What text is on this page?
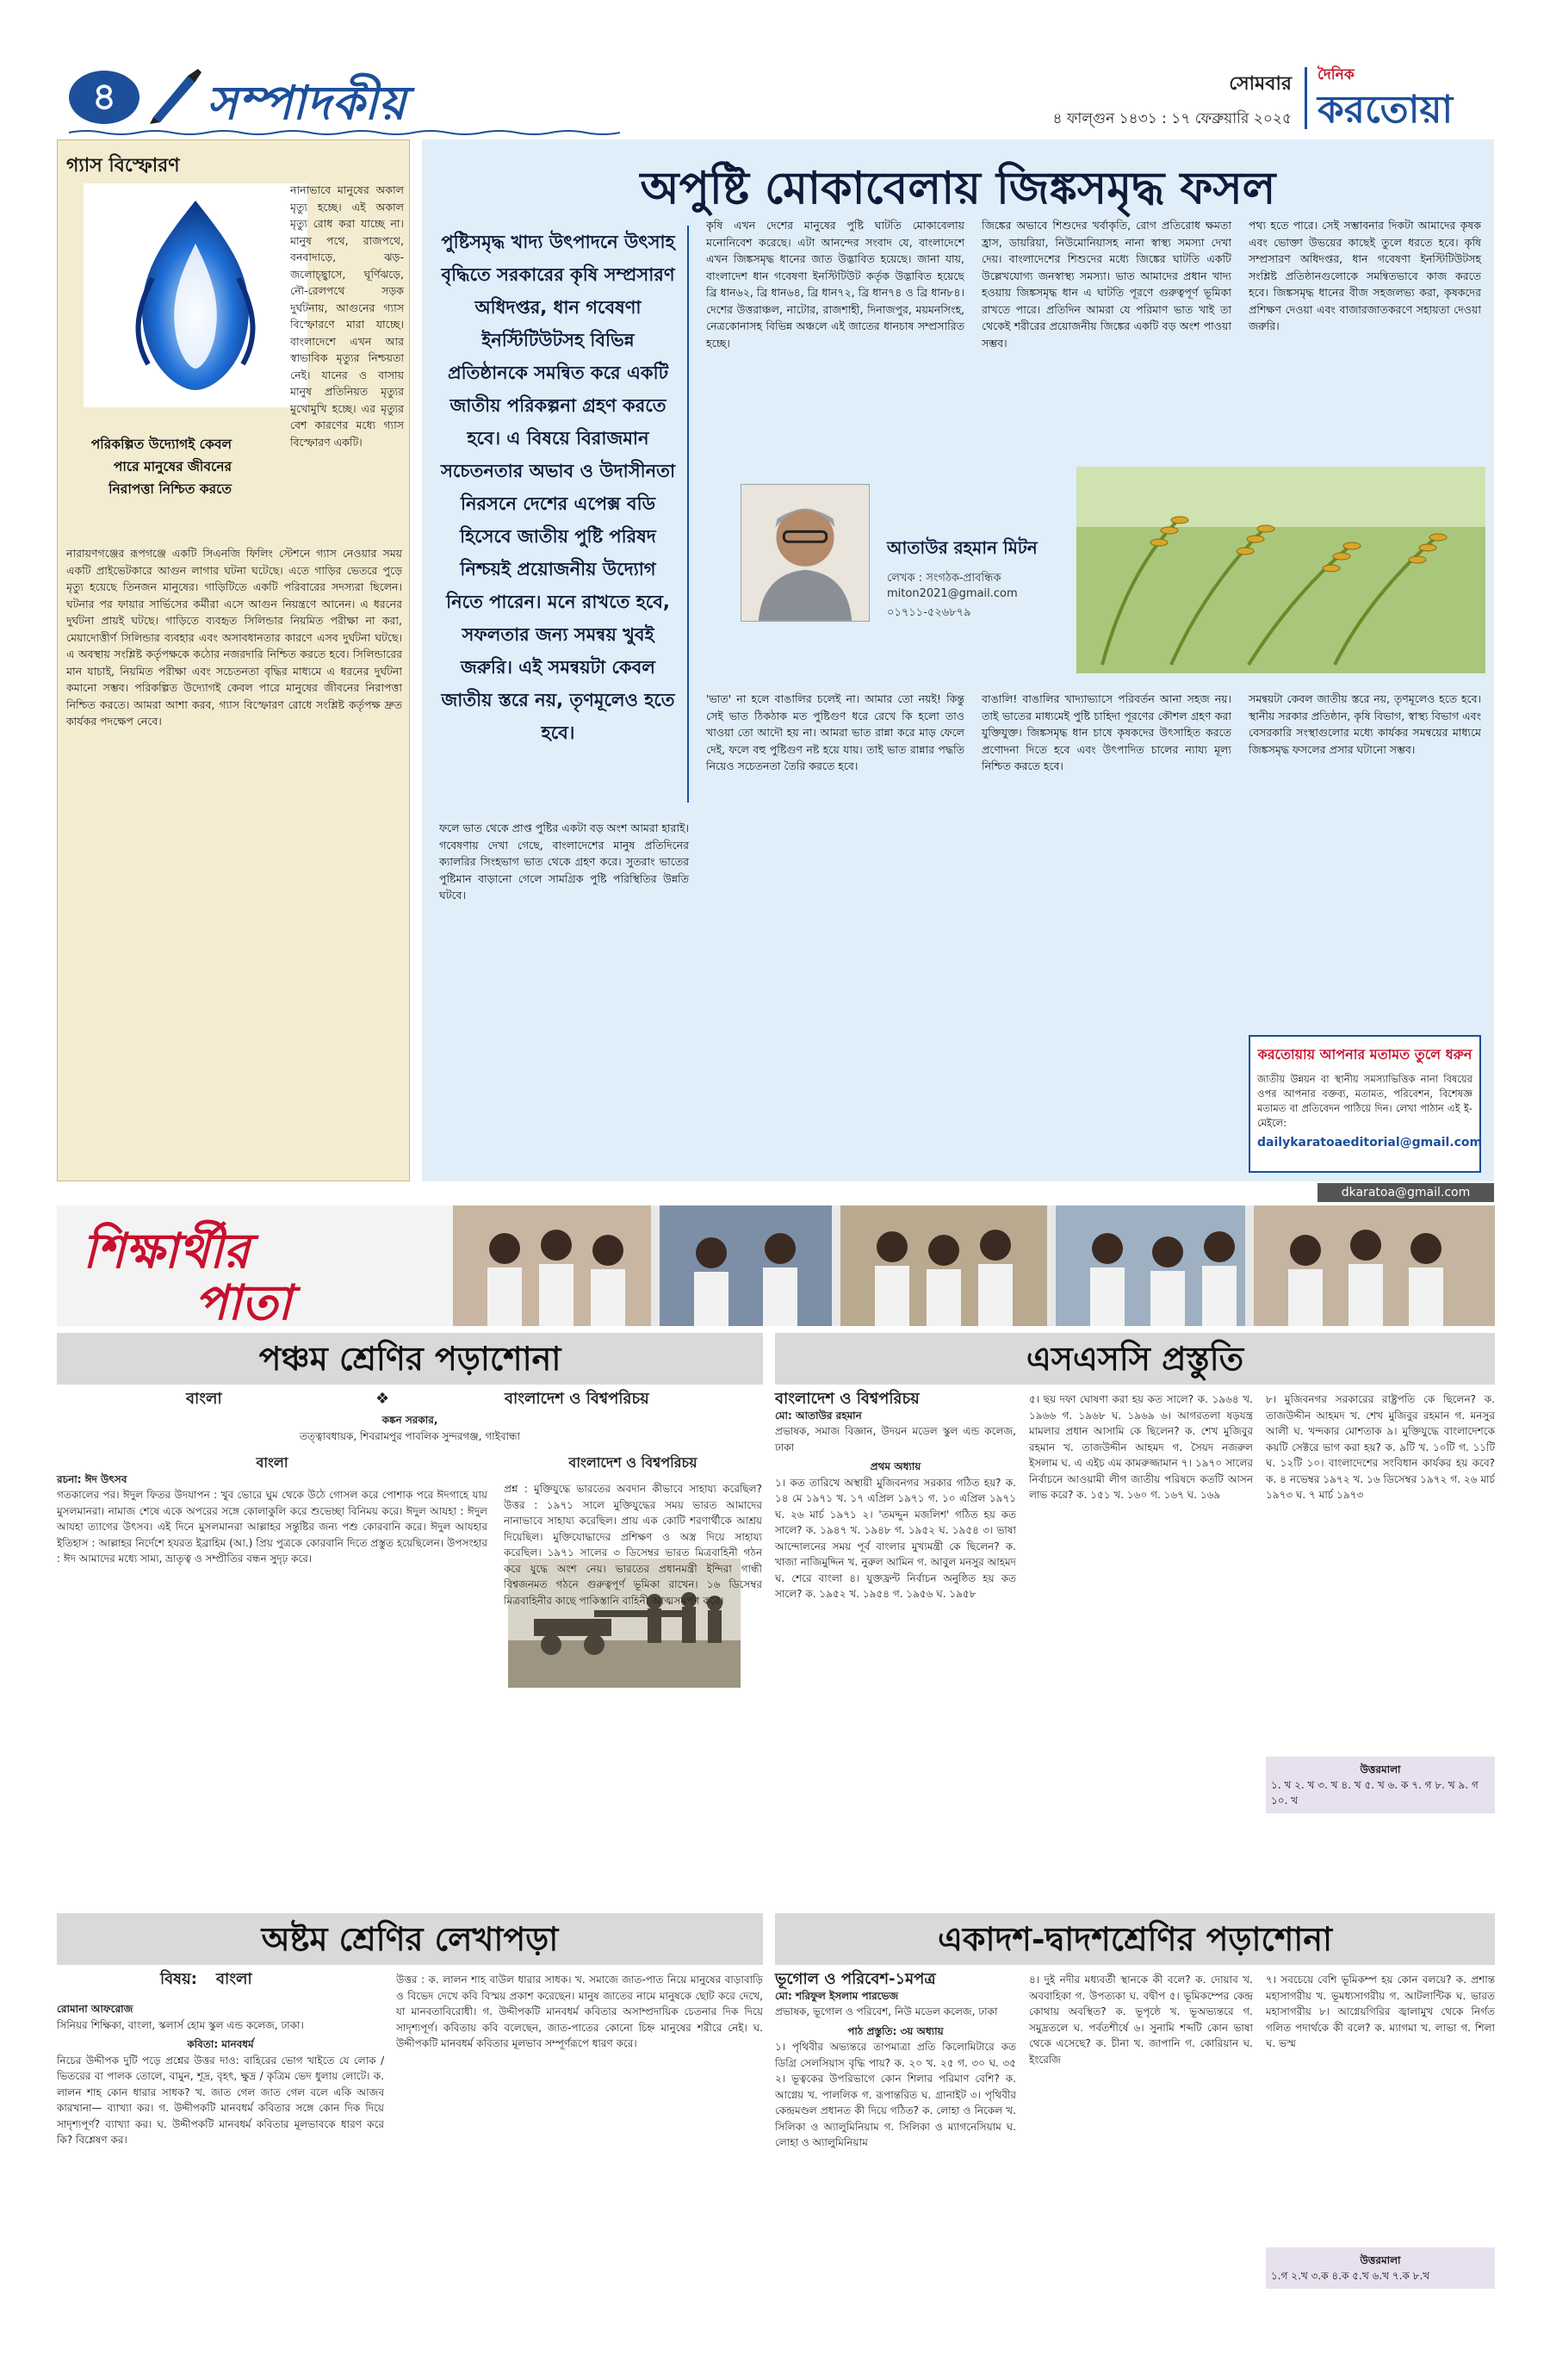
৪	সম্পাদকীয়	সোমবার
৪ ফাল্গুন ১৪৩১ : ১৭ ফেব্রুয়ারি ২০২৫
দৈনিক
করতোয়া
গ্যাস বিস্ফোরণ
নানাভাবে মানুষের অকাল মৃত্যু হচ্ছে। এই অকাল মৃত্যু রোধ করা যাচ্ছে না। মানুষ পথে, রাজপথে, বনবাদাড়ে, ঝড়-জলোচ্ছ্বাসে, ঘূর্ণিঝড়ে, নৌ-রেলপথে সড়ক দুর্ঘটনায়, আগুনের গ্যাস বিস্ফোরণে মারা যাচ্ছে। বাংলাদেশে এখন আর স্বাভাবিক মৃত্যুর নিশ্চয়তা নেই। যানের ও বাসায় মানুষ প্রতিনিয়ত মৃত্যুর মুখোমুখি হচ্ছে। এর মৃত্যুর বেশ কারণের মধ্যে গ্যাস বিস্ফোরণ একটি।
পরিকল্পিত উদ্যোগই কেবল পারে মানুষের জীবনের নিরাপত্তা নিশ্চিত করতে
নারায়ণগঞ্জের রূপগঞ্জে একটি সিএনজি ফিলিং স্টেশনে গ্যাস নেওয়ার সময় একটি প্রাইভেটকারে আগুন লাগার ঘটনা ঘটেছে। এতে গাড়ির ভেতরে পুড়ে মৃত্যু হয়েছে তিনজন মানুষের। গাড়িটিতে একটি পরিবারের সদস্যরা ছিলেন। ঘটনার পর ফায়ার সার্ভিসের কর্মীরা এসে আগুন নিয়ন্ত্রণে আনেন। এ ধরনের দুর্ঘটনা প্রায়ই ঘটছে। গাড়িতে ব্যবহৃত সিলিন্ডার নিয়মিত পরীক্ষা না করা, মেয়াদোত্তীর্ণ সিলিন্ডার ব্যবহার এবং অসাবধানতার কারণে এসব দুর্ঘটনা ঘটছে। এ অবস্থায় সংশ্লিষ্ট কর্তৃপক্ষকে কঠোর নজরদারি নিশ্চিত করতে হবে। সিলিন্ডারের মান যাচাই, নিয়মিত পরীক্ষা এবং সচেতনতা বৃদ্ধির মাধ্যমে এ ধরনের দুর্ঘটনা কমানো সম্ভব। পরিকল্পিত উদ্যোগই কেবল পারে মানুষের জীবনের নিরাপত্তা নিশ্চিত করতে। আমরা আশা করব, গ্যাস বিস্ফোরণ রোধে সংশ্লিষ্ট কর্তৃপক্ষ দ্রুত কার্যকর পদক্ষেপ নেবে।
অপুষ্টি মোকাবেলায় জিঙ্কসমৃদ্ধ ফসল
পুষ্টিসমৃদ্ধ খাদ্য উৎপাদনে উৎসাহ বৃদ্ধিতে সরকারের কৃষি সম্প্রসারণ অধিদপ্তর, ধান গবেষণা ইনস্টিটিউটসহ বিভিন্ন প্রতিষ্ঠানকে সমন্বিত করে একটি জাতীয় পরিকল্পনা গ্রহণ করতে হবে। এ বিষয়ে বিরাজমান সচেতনতার অভাব ও উদাসীনতা নিরসনে দেশের এপেক্স বডি হিসেবে জাতীয় পুষ্টি পরিষদ নিশ্চয়ই প্রয়োজনীয় উদ্যোগ নিতে পারেন। মনে রাখতে হবে, সফলতার জন্য সমন্বয় খুবই জরুরি। এই সমন্বয়টা কেবল জাতীয় স্তরে নয়, তৃণমূলেও হতে হবে।
কৃষি এখন দেশের মানুষের পুষ্টি ঘাটতি মোকাবেলায় মনোনিবেশ করেছে। এটা আনন্দের সংবাদ যে, বাংলাদেশে এখন জিঙ্কসমৃদ্ধ ধানের জাত উদ্ভাবিত হয়েছে। জানা যায়, বাংলাদেশ ধান গবেষণা ইনস্টিটিউট কর্তৃক উদ্ভাবিত হয়েছে ব্রি ধান৬২, ব্রি ধান৬৪, ব্রি ধান৭২, ব্রি ধান৭৪ ও ব্রি ধান৮৪। দেশের উত্তরাঞ্চল, নাটোর, রাজশাহী, দিনাজপুর, ময়মনসিংহ, নেত্রকোনাসহ বিভিন্ন অঞ্চলে এই জাতের ধানচাষ সম্প্রসারিত হচ্ছে।
জিঙ্কের অভাবে শিশুদের খর্বাকৃতি, রোগ প্রতিরোধ ক্ষমতা হ্রাস, ডায়রিয়া, নিউমোনিয়াসহ নানা স্বাস্থ্য সমস্যা দেখা দেয়। বাংলাদেশের শিশুদের মধ্যে জিঙ্কের ঘাটতি একটি উল্লেখযোগ্য জনস্বাস্থ্য সমস্যা। ভাত আমাদের প্রধান খাদ্য হওয়ায় জিঙ্কসমৃদ্ধ ধান এ ঘাটতি পূরণে গুরুত্বপূর্ণ ভূমিকা রাখতে পারে। প্রতিদিন আমরা যে পরিমাণ ভাত খাই তা থেকেই শরীরের প্রয়োজনীয় জিঙ্কের একটি বড় অংশ পাওয়া সম্ভব।
পথ্য হতে পারে। সেই সম্ভাবনার দিকটা আমাদের কৃষক এবং ভোক্তা উভয়ের কাছেই তুলে ধরতে হবে। কৃষি সম্প্রসারণ অধিদপ্তর, ধান গবেষণা ইনস্টিটিউটসহ সংশ্লিষ্ট প্রতিষ্ঠানগুলোকে সমন্বিতভাবে কাজ করতে হবে। জিঙ্কসমৃদ্ধ ধানের বীজ সহজলভ্য করা, কৃষকদের প্রশিক্ষণ দেওয়া এবং বাজারজাতকরণে সহায়তা দেওয়া জরুরি।
আতাউর রহমান মিটন
লেখক : সংগঠক-প্রাবন্ধিক
miton2021@gmail.com
০১৭১১-৫২৬৮৭৯
ফলে ভাত থেকে প্রাপ্ত পুষ্টির একটা বড় অংশ আমরা হারাই। গবেষণায় দেখা গেছে, বাংলাদেশের মানুষ প্রতিদিনের ক্যালরির সিংহভাগ ভাত থেকে গ্রহণ করে। সুতরাং ভাতের পুষ্টিমান বাড়ানো গেলে সামগ্রিক পুষ্টি পরিস্থিতির উন্নতি ঘটবে।
'ভাত' না হলে বাঙালির চলেই না। আমার তো নয়ই! কিন্তু সেই ভাত ঠিকঠাক মত পুষ্টিগুণ ধরে রেখে কি হলো তাও খাওয়া তো আদৌ হয় না। আমরা ভাত রান্না করে মাড় ফেলে দেই, ফলে বহু পুষ্টিগুণ নষ্ট হয়ে যায়। তাই ভাত রান্নার পদ্ধতি নিয়েও সচেতনতা তৈরি করতে হবে।
বাঙালি! বাঙালির খাদ্যাভ্যাসে পরিবর্তন আনা সহজ নয়। তাই ভাতের মাধ্যমেই পুষ্টি চাহিদা পূরণের কৌশল গ্রহণ করা যুক্তিযুক্ত। জিঙ্কসমৃদ্ধ ধান চাষে কৃষকদের উৎসাহিত করতে প্রণোদনা দিতে হবে এবং উৎপাদিত চালের ন্যায্য মূল্য নিশ্চিত করতে হবে।
সমন্বয়টা কেবল জাতীয় স্তরে নয়, তৃণমূলেও হতে হবে। স্থানীয় সরকার প্রতিষ্ঠান, কৃষি বিভাগ, স্বাস্থ্য বিভাগ এবং বেসরকারি সংস্থাগুলোর মধ্যে কার্যকর সমন্বয়ের মাধ্যমে জিঙ্কসমৃদ্ধ ফসলের প্রসার ঘটানো সম্ভব।
করতোয়ায় আপনার মতামত তুলে ধরুন
জাতীয় উন্নয়ন বা স্থানীয় সমস্যাভিত্তিক নানা বিষয়ের ওপর আপনার বক্তব্য, মতামত, পরিবেশন, বিশেষজ্ঞ মতামত বা প্রতিবেদন পাঠিয়ে দিন। লেখা পাঠান এই ই-মেইলে:
dailykaratoaeditorial@gmail.com
dkaratoa@gmail.com
শিক্ষার্থীর
পাতা
পঞ্চম শ্রেণির পড়াশোনা
বাংলা	❖	বাংলাদেশ ও বিশ্বপরিচয়
কঙ্কন সরকার,
তত্ত্বাবধায়ক, শিবরামপুর পাবলিক সুন্দরগঞ্জ, গাইবান্ধা
বাংলা
রচনা: ঈদ উৎসব
গতকালের পর। ঈদুল ফিতর উদযাপন : খুব ভোরে ঘুম থেকে উঠে গোসল করে পোশাক পরে ঈদগাহে যায় মুসলমানরা। নামাজ শেষে একে অপরের সঙ্গে কোলাকুলি করে শুভেচ্ছা বিনিময় করে। ঈদুল আযহা : ঈদুল আযহা ত্যাগের উৎসব। এই দিনে মুসলমানরা আল্লাহর সন্তুষ্টির জন্য পশু কোরবানি করে। ঈদুল আযহার ইতিহাস : আল্লাহর নির্দেশে হযরত ইব্রাহিম (আ.) প্রিয় পুত্রকে কোরবানি দিতে প্রস্তুত হয়েছিলেন। উপসংহার : ঈদ আমাদের মধ্যে সাম্য, ভ্রাতৃত্ব ও সম্প্রীতির বন্ধন সুদৃঢ় করে।
বাংলাদেশ ও বিশ্বপরিচয়
প্রশ্ন : মুক্তিযুদ্ধে ভারতের অবদান কীভাবে সাহায্য করেছিল? উত্তর : ১৯৭১ সালে মুক্তিযুদ্ধের সময় ভারত আমাদের নানাভাবে সাহায্য করেছিল। প্রায় এক কোটি শরণার্থীকে আশ্রয় দিয়েছিল। মুক্তিযোদ্ধাদের প্রশিক্ষণ ও অস্ত্র দিয়ে সাহায্য করেছিল। ১৯৭১ সালের ৩ ডিসেম্বর ভারত মিত্রবাহিনী গঠন করে যুদ্ধে অংশ নেয়। ভারতের প্রধানমন্ত্রী ইন্দিরা গান্ধী বিশ্বজনমত গঠনে গুরুত্বপূর্ণ ভূমিকা রাখেন। ১৬ ডিসেম্বর মিত্রবাহিনীর কাছে পাকিস্তানি বাহিনী আত্মসমর্পণ করে।
এসএসসি প্রস্তুতি
বাংলাদেশ ও বিশ্বপরিচয়
মো: আতাউর রহমান
প্রভাষক, সমাজ বিজ্ঞান, উদয়ন মডেল স্কুল এন্ড কলেজ, ঢাকা
প্রথম অধ্যায়
১। কত তারিখে অস্থায়ী মুজিবনগর সরকার গঠিত হয়? ক. ১৪ মে ১৯৭১ খ. ১৭ এপ্রিল ১৯৭১ গ. ১০ এপ্রিল ১৯৭১ ঘ. ২৬ মার্চ ১৯৭১ ২। 'তমদ্দুন মজলিশ' গঠিত হয় কত সালে? ক. ১৯৪৭ খ. ১৯৪৮ গ. ১৯৫২ ঘ. ১৯৫৪ ৩। ভাষা আন্দোলনের সময় পূর্ব বাংলার মুখ্যমন্ত্রী কে ছিলেন? ক. খাজা নাজিমুদ্দিন খ. নুরুল আমিন গ. আবুল মনসুর আহমদ ঘ. শেরে বাংলা ৪। যুক্তফ্রন্ট নির্বাচন অনুষ্ঠিত হয় কত সালে? ক. ১৯৫২ খ. ১৯৫৪ গ. ১৯৫৬ ঘ. ১৯৫৮
৫। ছয় দফা ঘোষণা করা হয় কত সালে? ক. ১৯৬৪ খ. ১৯৬৬ গ. ১৯৬৮ ঘ. ১৯৬৯ ৬। আগরতলা ষড়যন্ত্র মামলার প্রধান আসামি কে ছিলেন? ক. শেখ মুজিবুর রহমান খ. তাজউদ্দীন আহমদ গ. সৈয়দ নজরুল ইসলাম ঘ. এ এইচ এম কামরুজ্জামান ৭। ১৯৭০ সালের নির্বাচনে আওয়ামী লীগ জাতীয় পরিষদে কতটি আসন লাভ করে? ক. ১৫১ খ. ১৬০ গ. ১৬৭ ঘ. ১৬৯
৮। মুজিবনগর সরকারের রাষ্ট্রপতি কে ছিলেন? ক. তাজউদ্দীন আহমদ খ. শেখ মুজিবুর রহমান গ. মনসুর আলী ঘ. খন্দকার মোশতাক ৯। মুক্তিযুদ্ধে বাংলাদেশকে কয়টি সেক্টরে ভাগ করা হয়? ক. ৯টি খ. ১০টি গ. ১১টি ঘ. ১২টি ১০। বাংলাদেশের সংবিধান কার্যকর হয় কবে? ক. ৪ নভেম্বর ১৯৭২ খ. ১৬ ডিসেম্বর ১৯৭২ গ. ২৬ মার্চ ১৯৭৩ ঘ. ৭ মার্চ ১৯৭৩
উত্তরমালা
১. খ ২. খ ৩. খ ৪. খ ৫. খ ৬. ক ৭. গ ৮. খ ৯. গ ১০. খ
অষ্টম শ্রেণির লেখাপড়া
বিষয়: বাংলা
রোমানা আফরোজ
সিনিয়র শিক্ষিকা, বাংলা, স্কলার্স হোম স্কুল এন্ড কলেজ, ঢাকা।
কবিতা: মানবধর্ম
নিচের উদ্দীপক দুটি পড়ে প্রশ্নের উত্তর দাও: বাহিরের ভোগ খাইতে যে লোক / ভিতরের বা পালক তোলে, বামুন, শূদ্র, বৃহৎ, ক্ষুদ্র / কৃত্রিম ভেদ ধুলায় লোটে। ক. লালন শাহ কোন ধারার সাধক? খ. জাত গেল জাত গেল বলে একি আজব কারখানা— ব্যাখ্যা কর। গ. উদ্দীপকটি মানবধর্ম কবিতার সঙ্গে কোন দিক দিয়ে সাদৃশ্যপূর্ণ? ব্যাখ্যা কর। ঘ. উদ্দীপকটি মানবধর্ম কবিতার মূলভাবকে ধারণ করে কি? বিশ্লেষণ কর।
উত্তর : ক. লালন শাহ বাউল ধারার সাধক। খ. সমাজে জাত-পাত নিয়ে মানুষের বাড়াবাড়ি ও বিভেদ দেখে কবি বিস্ময় প্রকাশ করেছেন। মানুষ জাতের নামে মানুষকে ছোট করে দেখে, যা মানবতাবিরোধী। গ. উদ্দীপকটি মানবধর্ম কবিতার অসাম্প্রদায়িক চেতনার দিক দিয়ে সাদৃশ্যপূর্ণ। কবিতায় কবি বলেছেন, জাত-পাতের কোনো চিহ্ন মানুষের শরীরে নেই। ঘ. উদ্দীপকটি মানবধর্ম কবিতার মূলভাব সম্পূর্ণরূপে ধারণ করে।
একাদশ-দ্বাদশশ্রেণির পড়াশোনা
ভূগোল ও পরিবেশ-১মপত্র
মো: শরিফুল ইসলাম পারভেজ
প্রভাষক, ভূগোল ও পরিবেশ, নিউ মডেল কলেজ, ঢাকা
পাঠ প্রস্তুতি: ৩য় অধ্যায়
১। পৃথিবীর অভ্যন্তরে তাপমাত্রা প্রতি কিলোমিটারে কত ডিগ্রি সেলসিয়াস বৃদ্ধি পায়? ক. ২০ খ. ২৫ গ. ৩০ ঘ. ৩৫ ২। ভূত্বকের উপরিভাগে কোন শিলার পরিমাণ বেশি? ক. আগ্নেয় খ. পাললিক গ. রূপান্তরিত ঘ. গ্রানাইট ৩। পৃথিবীর কেন্দ্রমণ্ডল প্রধানত কী দিয়ে গঠিত? ক. লোহা ও নিকেল খ. সিলিকা ও অ্যালুমিনিয়াম গ. সিলিকা ও ম্যাগনেসিয়াম ঘ. লোহা ও অ্যালুমিনিয়াম
৪। দুই নদীর মধ্যবর্তী স্থানকে কী বলে? ক. দোয়াব খ. অববাহিকা গ. উপত্যকা ঘ. বদ্বীপ ৫। ভূমিকম্পের কেন্দ্র কোথায় অবস্থিত? ক. ভূপৃষ্ঠে খ. ভূঅভ্যন্তরে গ. সমুদ্রতলে ঘ. পর্বতশীর্ষে ৬। সুনামি শব্দটি কোন ভাষা থেকে এসেছে? ক. চীনা খ. জাপানি গ. কোরিয়ান ঘ. ইংরেজি
৭। সবচেয়ে বেশি ভূমিকম্প হয় কোন বলয়ে? ক. প্রশান্ত মহাসাগরীয় খ. ভূমধ্যসাগরীয় গ. আটলান্টিক ঘ. ভারত মহাসাগরীয় ৮। আগ্নেয়গিরির জ্বালামুখ থেকে নির্গত গলিত পদার্থকে কী বলে? ক. ম্যাগমা খ. লাভা গ. শিলা ঘ. ভস্ম
উত্তরমালা
১.গ ২.খ ৩.ক ৪.ক ৫.খ ৬.খ ৭.ক ৮.খ
